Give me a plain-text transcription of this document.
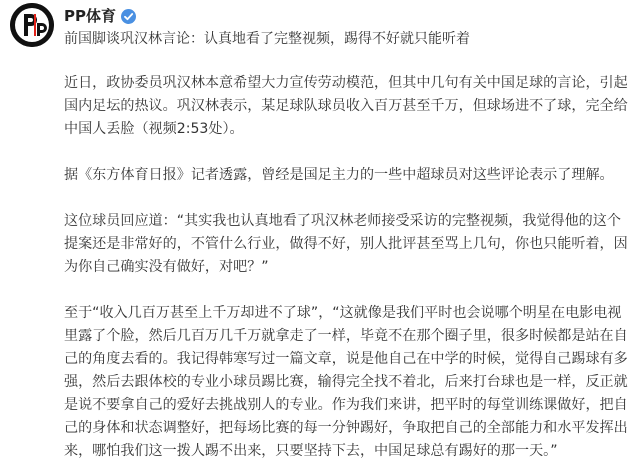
PP体育
前国脚谈巩汉林言论：认真地看了完整视频，踢得不好就只能听着

近日，政协委员巩汉林本意希望大力宣传劳动模范，但其中几句有关中国足球的言论，引起国内足坛的热议。巩汉林表示，某足球队球员收入百万甚至千万，但球场进不了球，完全给中国人丢脸（视频2:53处）。

据《东方体育日报》记者透露，曾经是国足主力的一些中超球员对这些评论表示了理解。

这位球员回应道：“其实我也认真地看了巩汉林老师接受采访的完整视频，我觉得他的这个提案还是非常好的，不管什么行业，做得不好，别人批评甚至骂上几句，你也只能听着，因为你自己确实没有做好，对吧？”

至于“收入几百万甚至上千万却进不了球”，“这就像是我们平时也会说哪个明星在电影电视里露了个脸，然后几百万几千万就拿走了一样，毕竟不在那个圈子里，很多时候都是站在自己的角度去看的。我记得韩寒写过一篇文章，说是他自己在中学的时候，觉得自己踢球有多强，然后去跟体校的专业小球员踢比赛，输得完全找不着北，后来打台球也是一样，反正就是说不要拿自己的爱好去挑战别人的专业。作为我们来讲，把平时的每堂训练课做好，把自己的身体和状态调整好，把每场比赛的每一分钟踢好，争取把自己的全部能力和水平发挥出来，哪怕我们这一拨人踢不出来，只要坚持下去，中国足球总有踢好的那一天。”
